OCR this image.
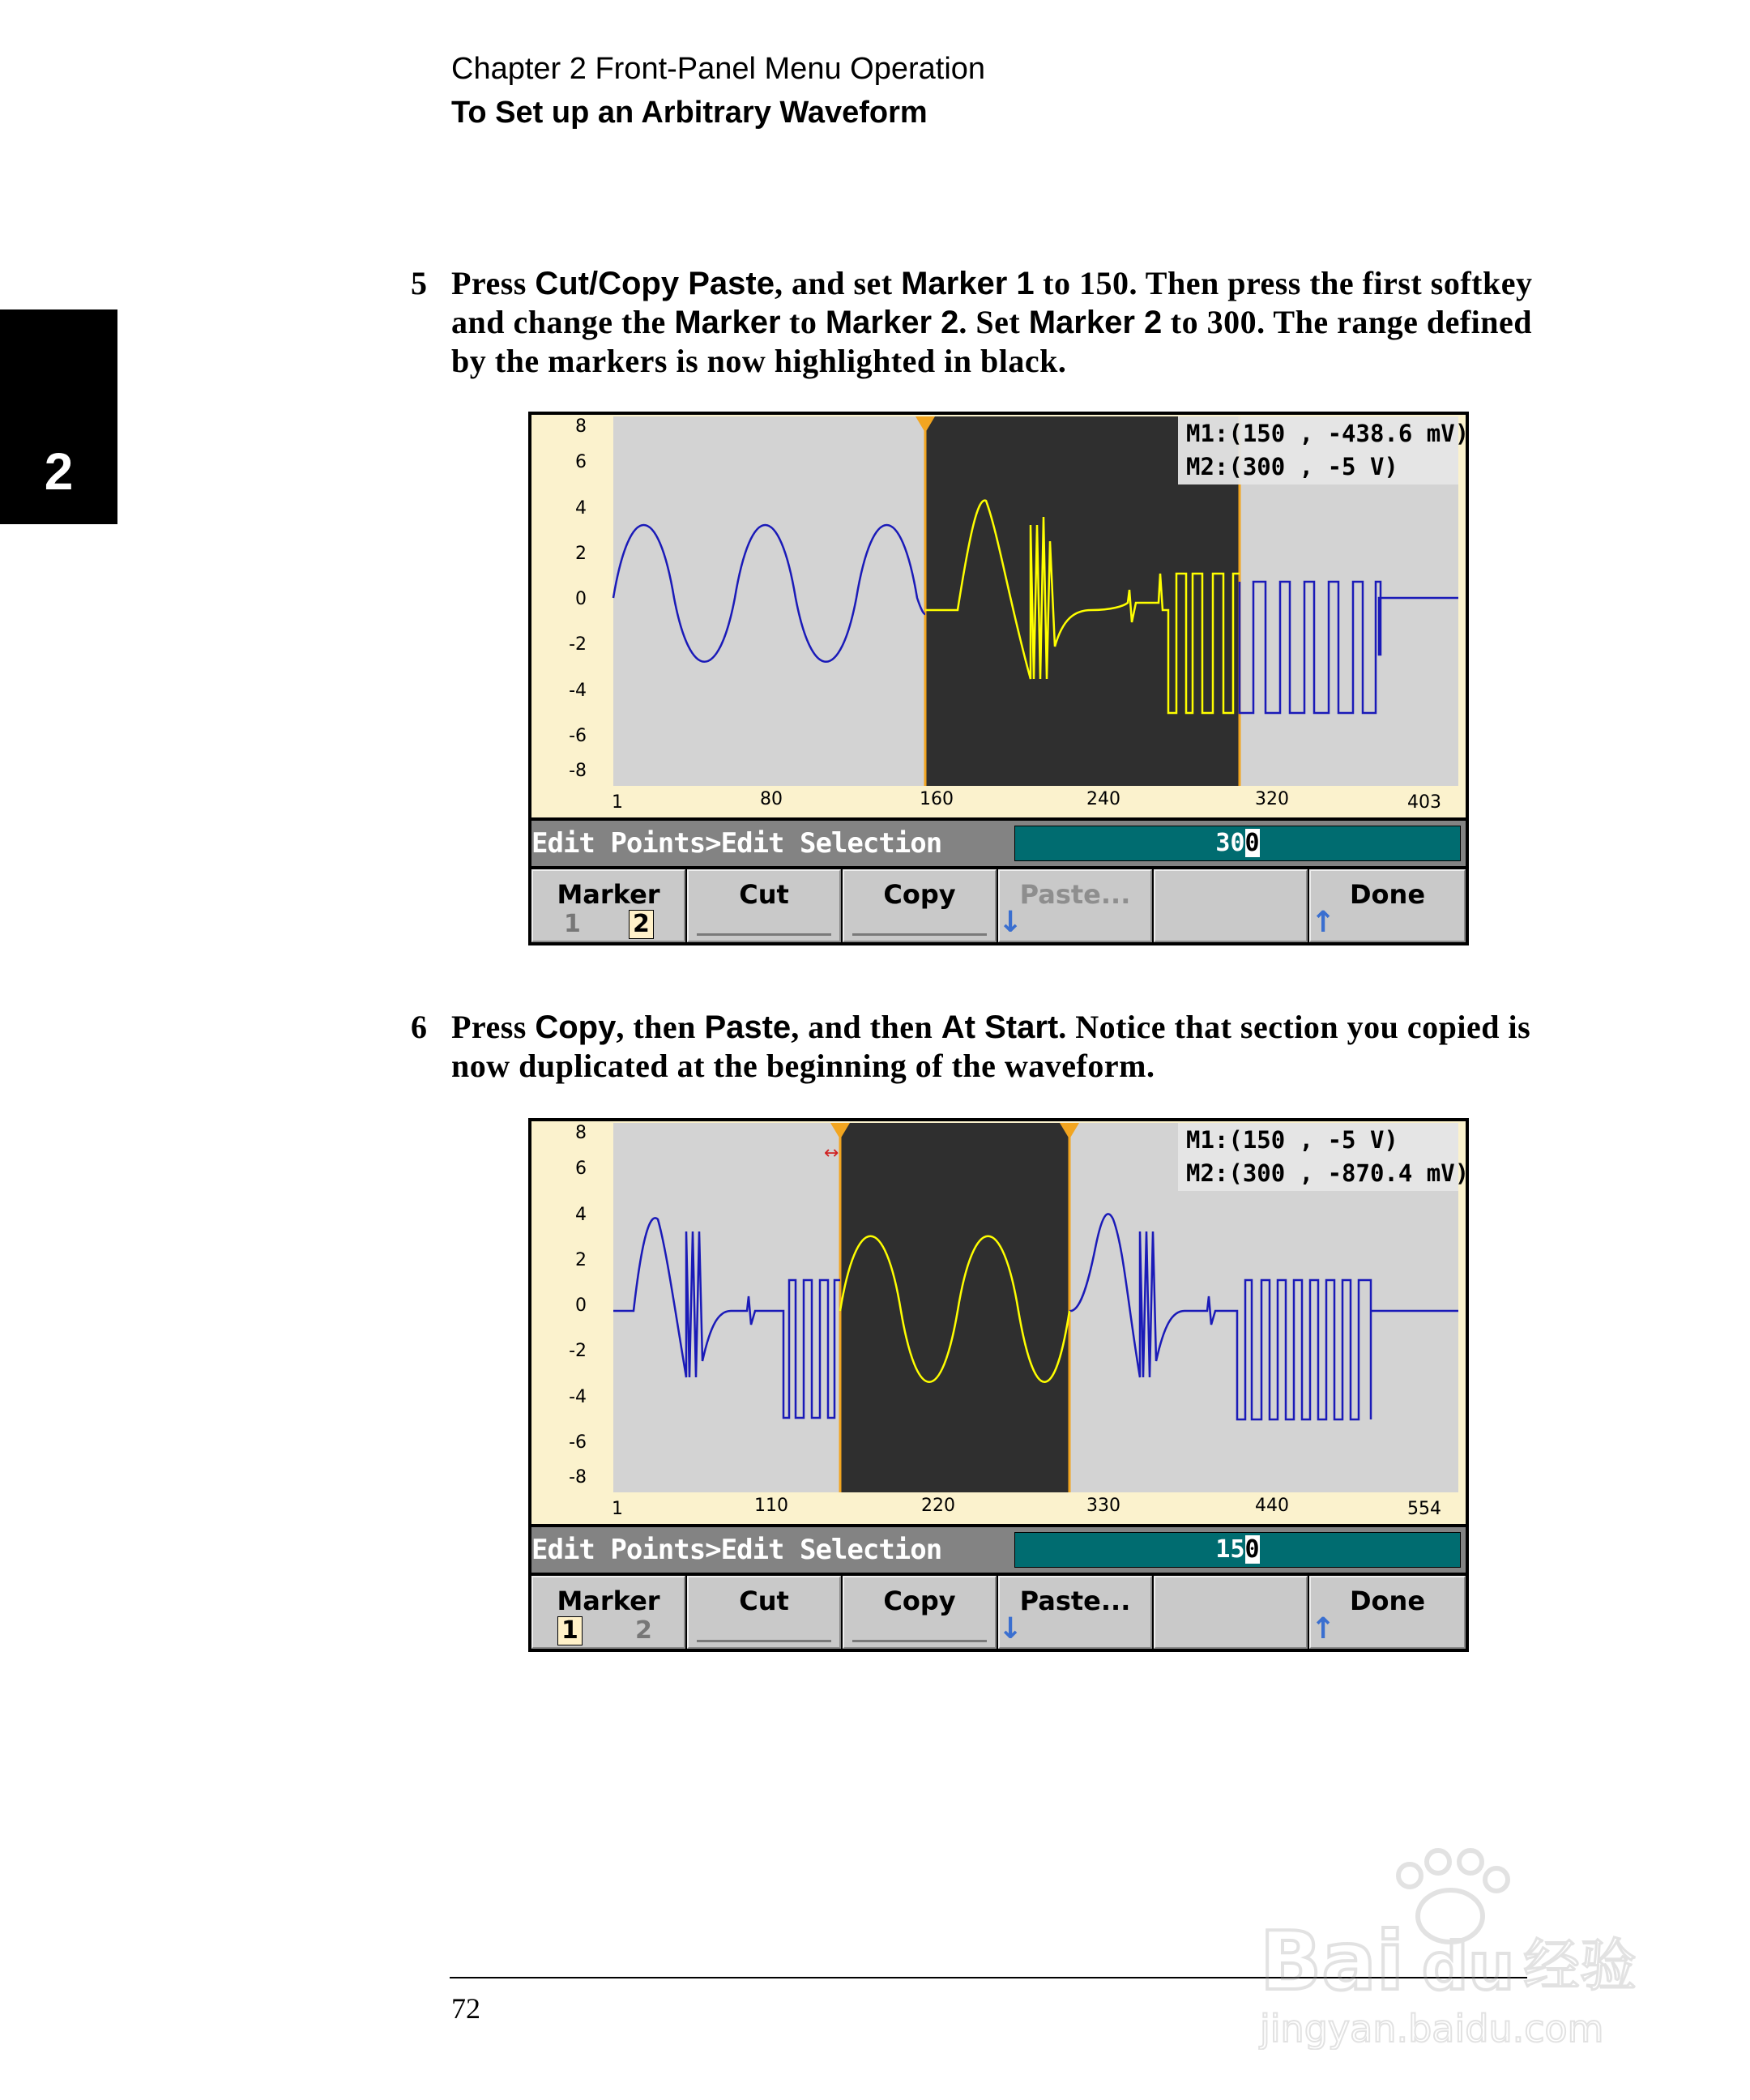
Chapter 2 Front-Panel Menu Operation
To Set up an Arbitrary Waveform
2
5 Press Cut/Copy Paste, and set Marker 1 to 150. Then press the first softkey and change the Marker to Marker 2. Set Marker 2 to 300. The range defined by the markers is now highlighted in black.
M1:(150 , -438.6 mV)
M2:(300 , -5 V)
8
6
4
2
0
-2
-4
-6
-8
1	80	160	240	320	403
Edit Points>Edit Selection	300
Marker
1 2
Cut	Copy	Paste...
↓
Done
↑
6 Press Copy, then Paste, and then At Start. Notice that section you copied is now duplicated at the beginning of the waveform.
↔	M1:(150 , -5 V)
M2:(300 , -870.4 mV)
8
6
4
2
0
-2
-4
-6
-8
1	110	220	330	440	554
Edit Points>Edit Selection	150
Marker
1 2
Cut	Copy	Paste...
↓
Done
↑
72	Bai du 经验
jingyan.baidu.com
